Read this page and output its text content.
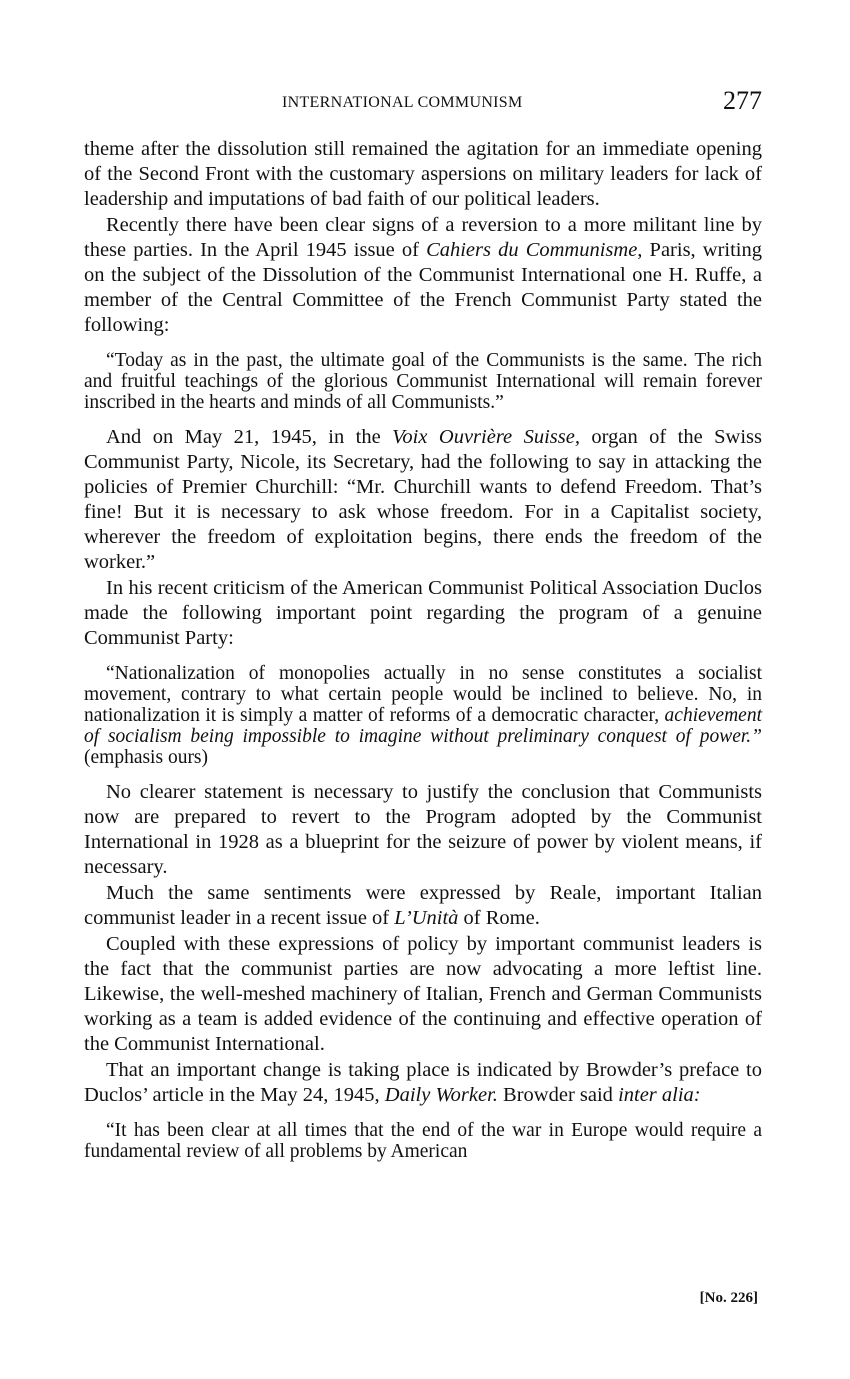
INTERNATIONAL COMMUNISM	277

theme after the dissolution still remained the agitation for an immediate opening of the Second Front with the customary aspersions on military leaders for lack of leadership and imputations of bad faith of our political leaders.

Recently there have been clear signs of a reversion to a more militant line by these parties. In the April 1945 issue of Cahiers du Communisme, Paris, writing on the subject of the Dissolution of the Communist International one H. Ruffe, a member of the Central Committee of the French Communist Party stated the following:

“Today as in the past, the ultimate goal of the Communists is the same. The rich and fruitful teachings of the glorious Communist International will remain forever inscribed in the hearts and minds of all Communists.”

And on May 21, 1945, in the Voix Ouvrière Suisse, organ of the Swiss Communist Party, Nicole, its Secretary, had the following to say in attacking the policies of Premier Churchill: “Mr. Churchill wants to defend Freedom. That’s fine! But it is necessary to ask whose freedom. For in a Capitalist society, wherever the freedom of exploitation begins, there ends the freedom of the worker.”

In his recent criticism of the American Communist Political Association Duclos made the following important point regarding the program of a genuine Communist Party:

“Nationalization of monopolies actually in no sense constitutes a socialist movement, contrary to what certain people would be inclined to believe. No, in nationalization it is simply a matter of reforms of a democratic character, achievement of socialism being impossible to imagine without preliminary conquest of power.” (emphasis ours)

No clearer statement is necessary to justify the conclusion that Communists now are prepared to revert to the Program adopted by the Communist International in 1928 as a blueprint for the seizure of power by violent means, if necessary.

Much the same sentiments were expressed by Reale, important Italian communist leader in a recent issue of L’Unità of Rome.

Coupled with these expressions of policy by important communist leaders is the fact that the communist parties are now advocating a more leftist line. Likewise, the well-meshed machinery of Italian, French and German Communists working as a team is added evidence of the continuing and effective operation of the Communist International.

That an important change is taking place is indicated by Browder’s preface to Duclos’ article in the May 24, 1945, Daily Worker. Browder said inter alia:

“It has been clear at all times that the end of the war in Europe would require a fundamental review of all problems by American
[No. 226]
